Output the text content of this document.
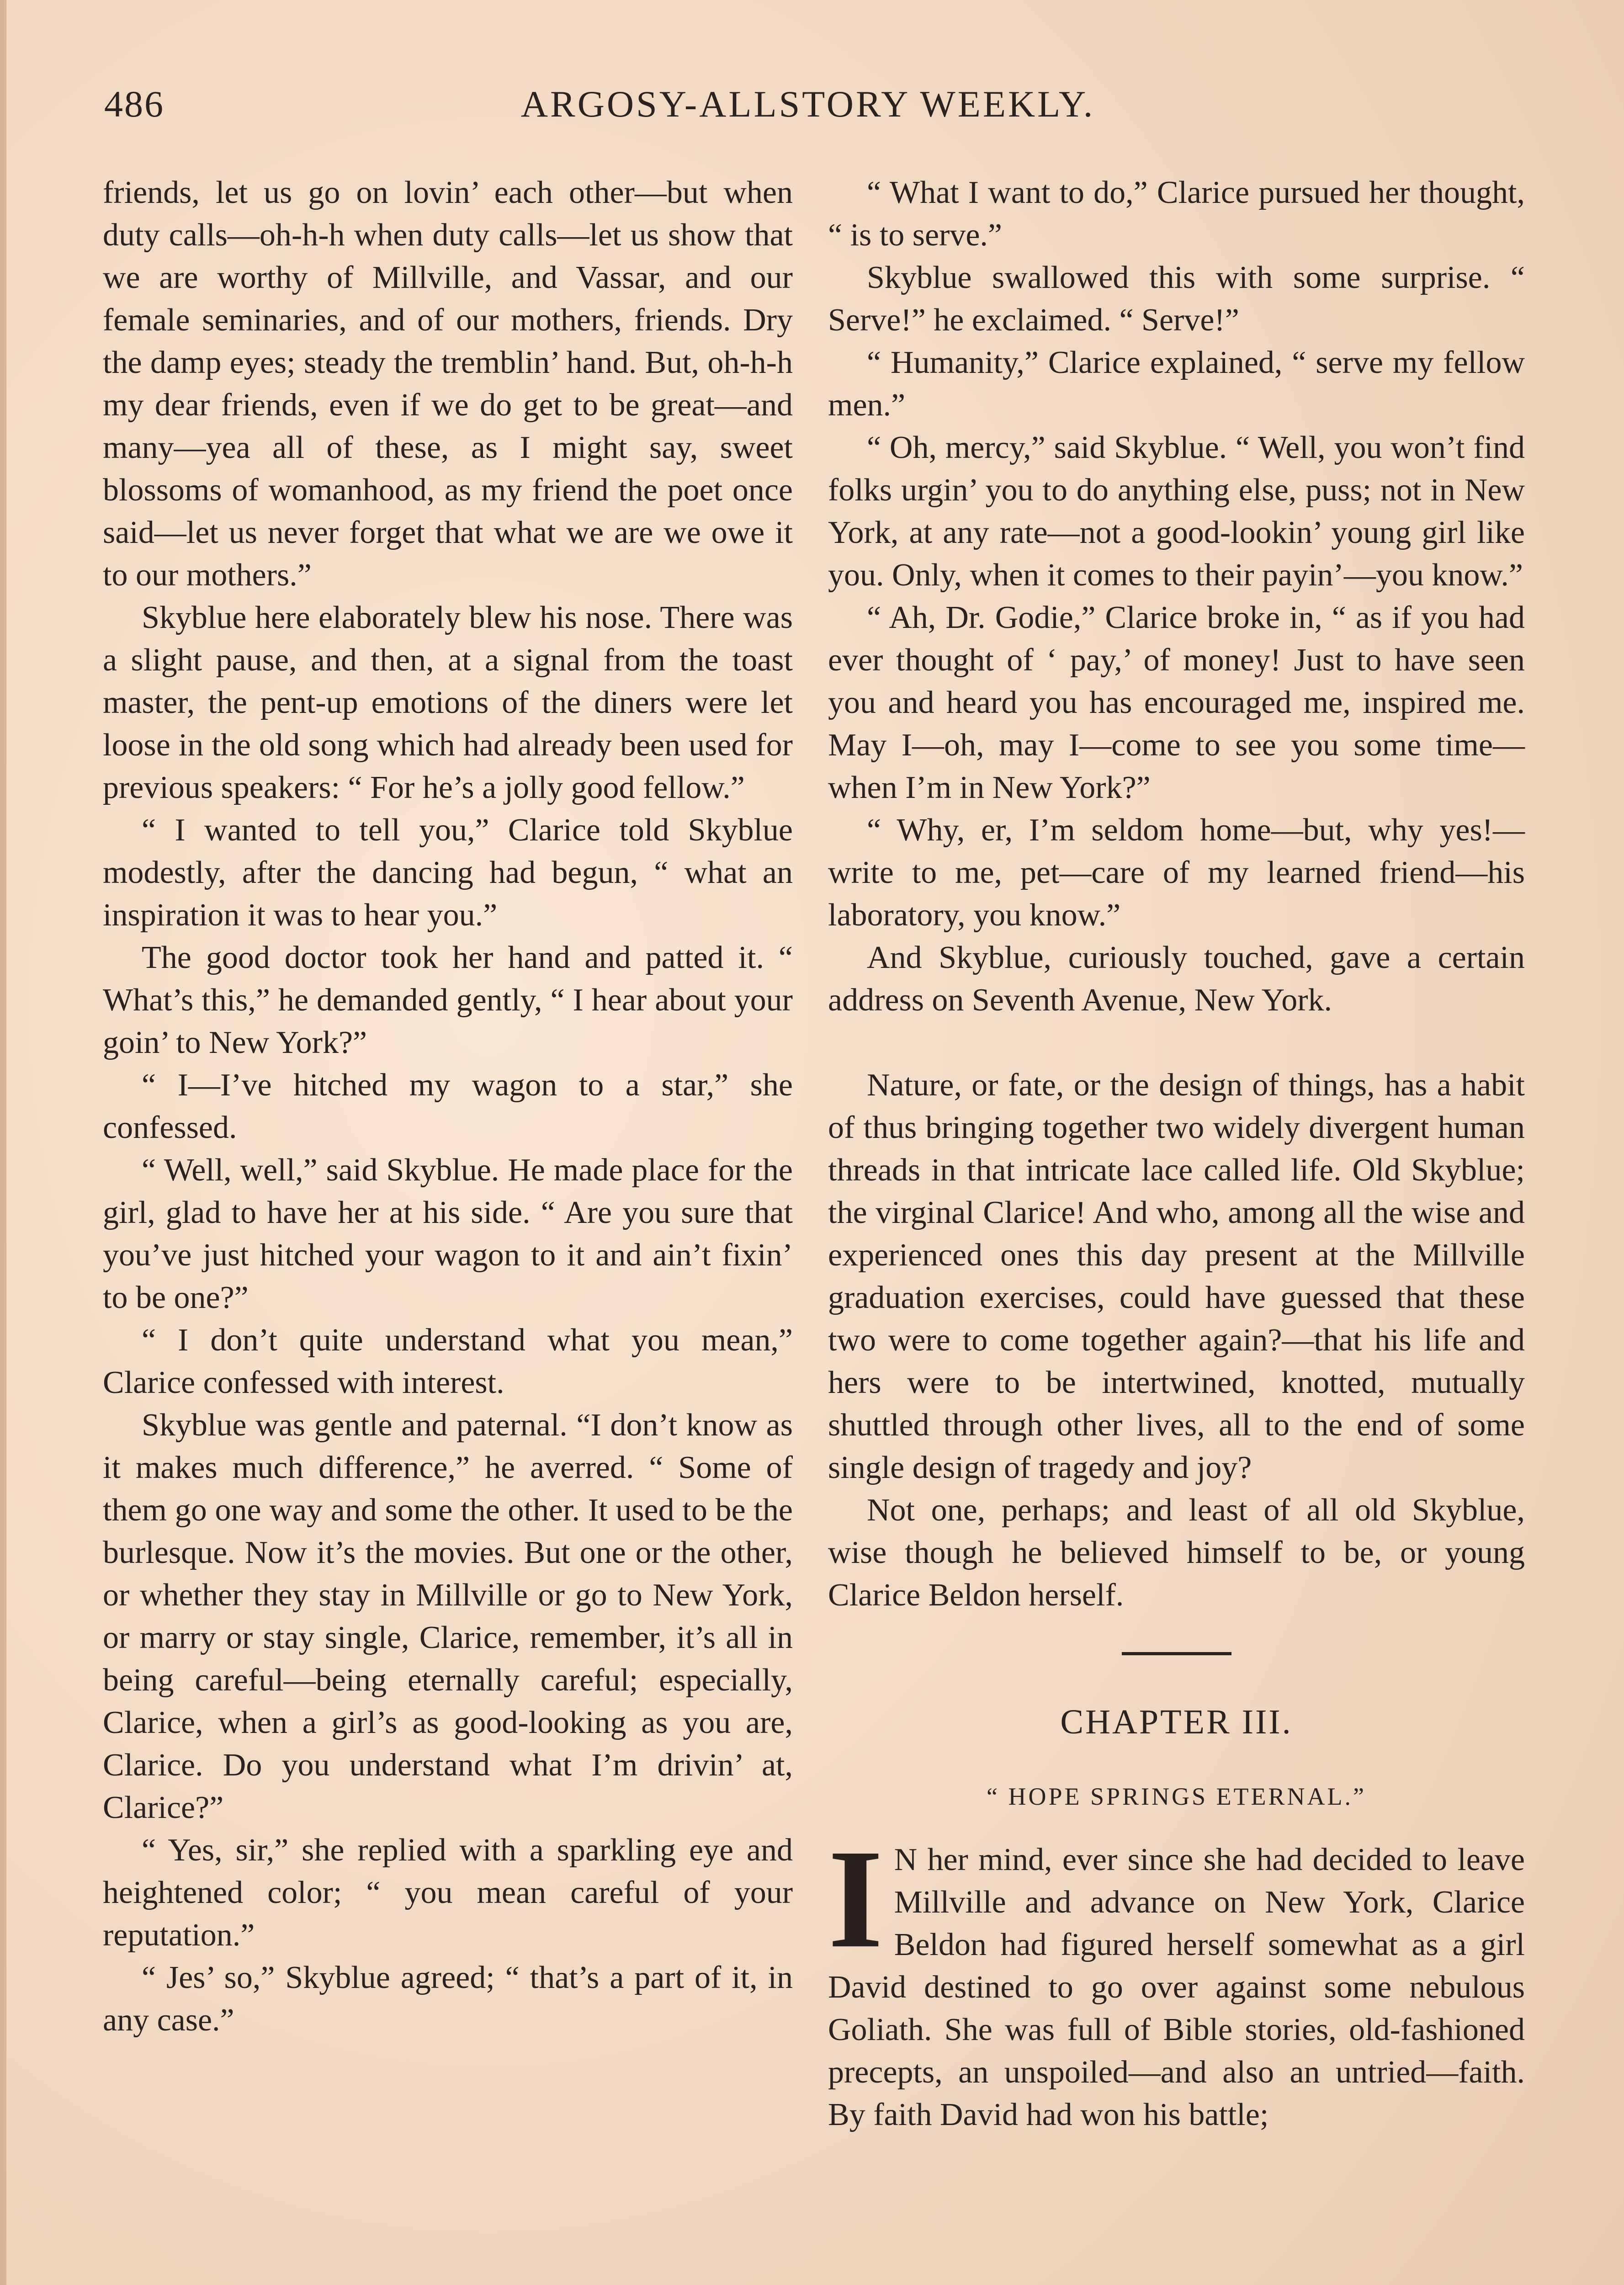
486	ARGOSY-ALLSTORY WEEKLY.

friends, let us go on lovin’ each other—but when duty calls—oh-h-h when duty calls—let us show that we are worthy of Millville, and Vassar, and our female seminaries, and of our mothers, friends. Dry the damp eyes; steady the tremblin’ hand. But, oh-h-h my dear friends, even if we do get to be great—and many—yea all of these, as I might say, sweet blossoms of womanhood, as my friend the poet once said—let us never forget that what we are we owe it to our mothers.”

Skyblue here elaborately blew his nose. There was a slight pause, and then, at a signal from the toast master, the pent-up emotions of the diners were let loose in the old song which had already been used for previous speakers: “ For he’s a jolly good fellow.”

“ I wanted to tell you,” Clarice told Skyblue modestly, after the dancing had begun, “ what an inspiration it was to hear you.”

The good doctor took her hand and patted it. “ What’s this,” he demanded gently, “ I hear about your goin’ to New York?”

“ I—I’ve hitched my wagon to a star,” she confessed.

“ Well, well,” said Skyblue. He made place for the girl, glad to have her at his side. “ Are you sure that you’ve just hitched your wagon to it and ain’t fixin’ to be one?”

“ I don’t quite understand what you mean,” Clarice confessed with interest.

Skyblue was gentle and paternal. “I don’t know as it makes much difference,” he averred. “ Some of them go one way and some the other. It used to be the burlesque. Now it’s the movies. But one or the other, or whether they stay in Millville or go to New York, or marry or stay single, Clarice, remember, it’s all in being careful—being eternally careful; especially, Clarice, when a girl’s as good-looking as you are, Clarice. Do you understand what I’m drivin’ at, Clarice?”

“ Yes, sir,” she replied with a sparkling eye and heightened color; “ you mean careful of your reputation.”

“ Jes’ so,” Skyblue agreed; “ that’s a part of it, in any case.”

“ What I want to do,” Clarice pursued her thought, “ is to serve.”

Skyblue swallowed this with some surprise. “ Serve!” he exclaimed. “ Serve!”

“ Humanity,” Clarice explained, “ serve my fellow men.”

“ Oh, mercy,” said Skyblue. “ Well, you won’t find folks urgin’ you to do anything else, puss; not in New York, at any rate—not a good-lookin’ young girl like you. Only, when it comes to their payin’—you know.”

“ Ah, Dr. Godie,” Clarice broke in, “ as if you had ever thought of ‘ pay,’ of money! Just to have seen you and heard you has encouraged me, inspired me. May I—oh, may I—come to see you some time—when I’m in New York?”

“ Why, er, I’m seldom home—but, why yes!—write to me, pet—care of my learned friend—his laboratory, you know.”

And Skyblue, curiously touched, gave a certain address on Seventh Avenue, New York.

Nature, or fate, or the design of things, has a habit of thus bringing together two widely divergent human threads in that intricate lace called life. Old Skyblue; the virginal Clarice! And who, among all the wise and experienced ones this day present at the Millville graduation exercises, could have guessed that these two were to come together again?—that his life and hers were to be intertwined, knotted, mutually shuttled through other lives, all to the end of some single design of tragedy and joy?

Not one, perhaps; and least of all old Skyblue, wise though he believed himself to be, or young Clarice Beldon herself.

CHAPTER III.
“ HOPE SPRINGS ETERNAL.”

I N her mind, ever since she had decided to leave Millville and advance on New York, Clarice Beldon had figured herself somewhat as a girl David destined to go over against some nebulous Goliath. She was full of Bible stories, old-fashioned precepts, an unspoiled—and also an untried—faith. By faith David had won his battle;
